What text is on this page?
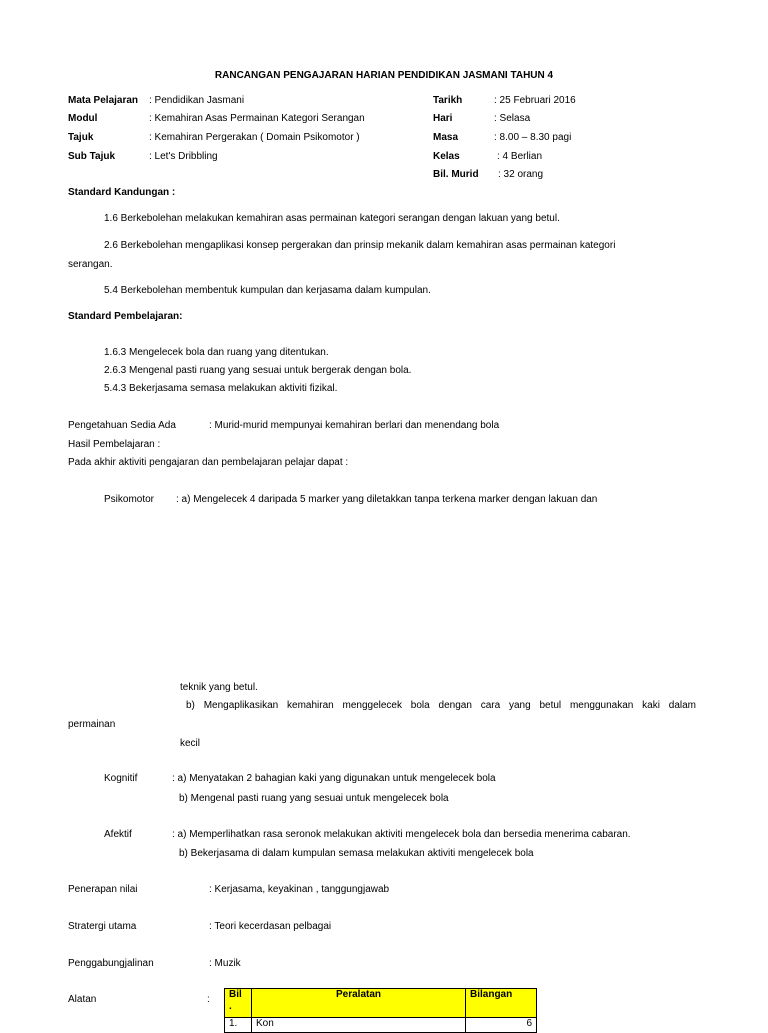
RANCANGAN PENGAJARAN HARIAN PENDIDIKAN JASMANI TAHUN 4
Mata Pelajaran : Pendidikan Jasmani
Modul	: Kemahiran Asas Permainan Kategori Serangan
Tajuk	: Kemahiran Pergerakan ( Domain Psikomotor )
Sub Tajuk	: Let's Dribbling
Tarikh	: 25 Februari 2016
Hari	: Selasa
Masa	: 8.00 – 8.30 pagi
Kelas	: 4 Berlian
Bil. Murid : 32 orang
Standard Kandungan :
1.6 Berkebolehan melakukan kemahiran asas permainan kategori serangan dengan lakuan yang betul.
2.6 Berkebolehan mengaplikasi konsep pergerakan dan prinsip mekanik dalam kemahiran asas permainan kategori
serangan.
5.4 Berkebolehan membentuk kumpulan dan kerjasama dalam kumpulan.
Standard Pembelajaran:
1.6.3 Mengelecek bola dan ruang yang ditentukan.
2.6.3 Mengenal pasti ruang yang sesuai untuk bergerak dengan bola.
5.4.3 Bekerjasama semasa melakukan aktiviti fizikal.
Pengetahuan Sedia Ada	: Murid-murid mempunyai kemahiran berlari dan menendang bola
Hasil Pembelajaran :
Pada akhir aktiviti pengajaran dan pembelajaran pelajar dapat :
Psikomotor : a) Mengelecek 4 daripada 5 marker yang diletakkan tanpa terkena marker dengan lakuan dan
teknik yang betul.
b) Mengaplikasikan kemahiran menggelecek bola dengan cara yang betul menggunakan kaki dalam
permainan
kecil
Kognitif	: a) Menyatakan 2 bahagian kaki yang digunakan untuk mengelecek bola
b) Mengenal pasti ruang yang sesuai untuk mengelecek bola
Afektif	: a) Memperlihatkan rasa seronok melakukan aktiviti mengelecek bola dan bersedia menerima cabaran.
b) Bekerjasama di dalam kumpulan semasa melakukan aktiviti mengelecek bola
Penerapan nilai	: Kerjasama, keyakinan , tanggungjawab
Stratergi utama	: Teori kecerdasan pelbagai
Penggabungjalinan	: Muzik
Alatan	: Bil
.	Peralatan	Bilangan
1.	Kon	6
